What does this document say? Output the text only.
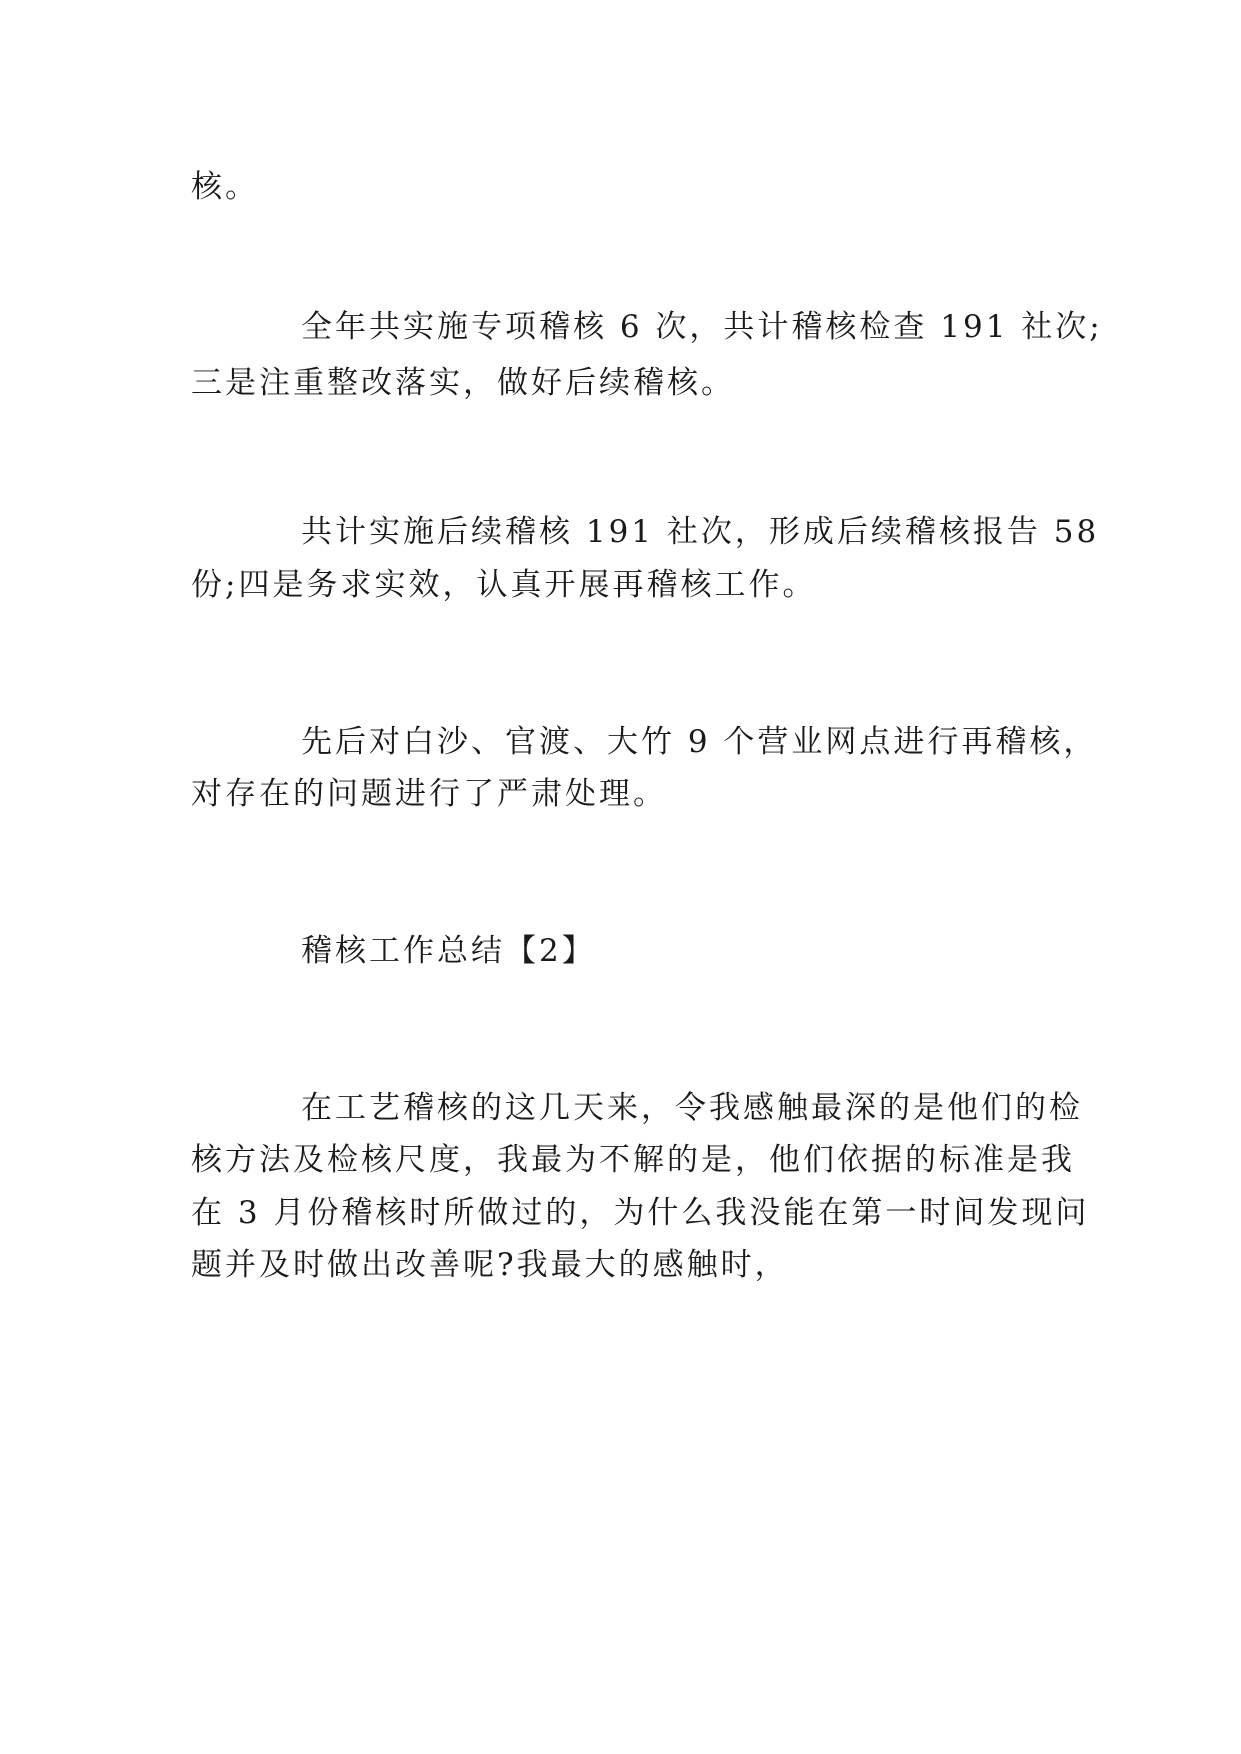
核。
全年共实施专项稽核 6 次，共计稽核检查 191 社次;
三是注重整改落实，做好后续稽核。
共计实施后续稽核 191 社次，形成后续稽核报告 58
份;四是务求实效，认真开展再稽核工作。
先后对白沙、官渡、大竹 9 个营业网点进行再稽核，
对存在的问题进行了严肃处理。
稽核工作总结【2】
在工艺稽核的这几天来，令我感触最深的是他们的检
核方法及检核尺度，我最为不解的是，他们依据的标准是我
在 3 月份稽核时所做过的，为什么我没能在第一时间发现问
题并及时做出改善呢?我最大的感触时，
